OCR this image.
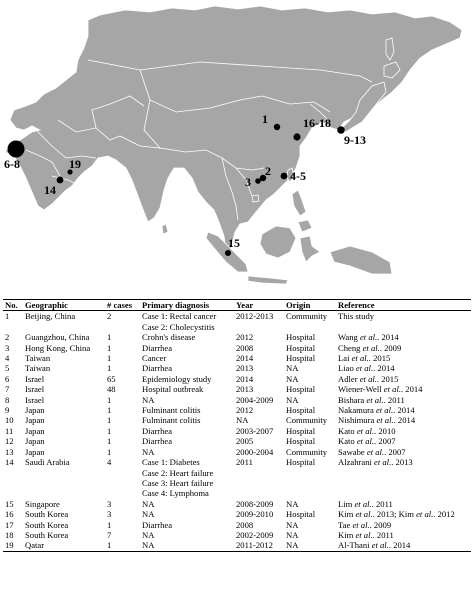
1
2
3	4-5
6-8
9-13
14
15
16-18
19
No.	Geographic	# cases	Primary diagnosis	Year	Origin	Reference
1	Beijing, China	2	Case 1: Rectal cancer	2012-2013	Community	This study
			Case 2: Cholecystitis			
2	Guangzhou, China	1	Crohn's disease	2012	Hospital	Wang et al.. 2014
3	Hong Kong, China	1	Diarrhea	2008	Hospital	Cheng et al.. 2009
4	Taiwan	1	Cancer	2014	Hospital	Lai et al.. 2015
5	Taiwan	1	Diarrhea	2013	NA	Liao et al.. 2014
6	Israel	65	Epidemiology study	2014	NA	Adler et al.. 2015
7	Israel	48	Hospital outbreak	2013	Hospital	Wiener-Well et al.. 2014
8	Israel	1	NA	2004-2009	NA	Bishara et al.. 2011
9	Japan	1	Fulminant colitis	2012	Hospital	Nakamura et al.. 2014
10	Japan	1	Fulminant colitis	NA	Community	Nishimura et al.. 2014
11	Japan	1	Diarrhea	2003-2007	Hospital	Kato et al.. 2010
12	Japan	1	Diarrhea	2005	Hospital	Kato et al.. 2007
13	Japan	1	NA	2000-2004	Community	Sawabe et al.. 2007
14	Saudi Arabia	4	Case 1: Diabetes	2011	Hospital	Alzahrani et al.. 2013
			Case 2: Heart failure			
			Case 3: Heart failure			
			Case 4: Lymphoma			
15	Singapore	3	NA	2008-2009	NA	Lim et al.. 2011
16	South Korea	3	NA	2009-2010	Hospital	Kim et al.. 2013; Kim et al.. 2012
17	South Korea	1	Diarrhea	2008	NA	Tae et al.. 2009
18	South Korea	7	NA	2002-2009	NA	Kim et al.. 2011
19	Qatar	1	NA	2011-2012	NA	Al-Thani et al.. 2014
